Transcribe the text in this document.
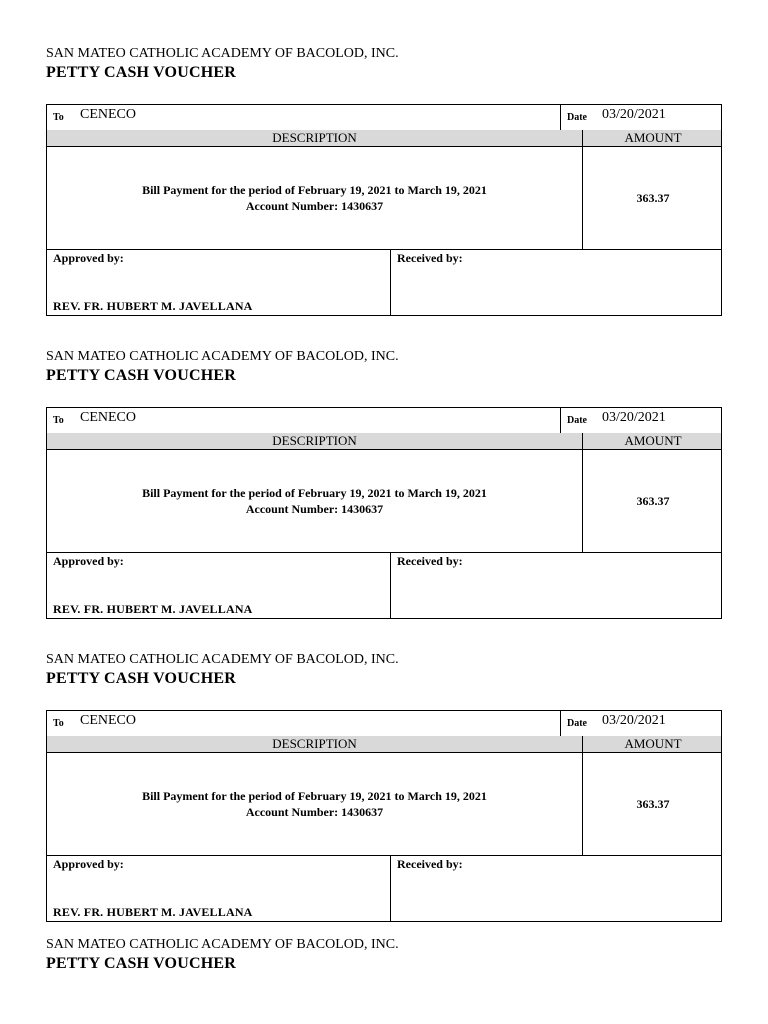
SAN MATEO CATHOLIC ACADEMY OF BACOLOD, INC.
PETTY CASH VOUCHER
To CENECO	Date 03/20/2021
DESCRIPTION	AMOUNT
Bill Payment for the period of February 19, 2021 to March 19, 2021
Account Number: 1430637
363.37
Approved by:
REV. FR. HUBERT M. JAVELLANA
Received by:
SAN MATEO CATHOLIC ACADEMY OF BACOLOD, INC.
PETTY CASH VOUCHER
To CENECO	Date 03/20/2021
DESCRIPTION	AMOUNT
Bill Payment for the period of February 19, 2021 to March 19, 2021
Account Number: 1430637
363.37
Approved by:
REV. FR. HUBERT M. JAVELLANA
Received by:
SAN MATEO CATHOLIC ACADEMY OF BACOLOD, INC.
PETTY CASH VOUCHER
To CENECO	Date 03/20/2021
DESCRIPTION	AMOUNT
Bill Payment for the period of February 19, 2021 to March 19, 2021
Account Number: 1430637
363.37
Approved by:
REV. FR. HUBERT M. JAVELLANA
Received by:
SAN MATEO CATHOLIC ACADEMY OF BACOLOD, INC.
PETTY CASH VOUCHER
